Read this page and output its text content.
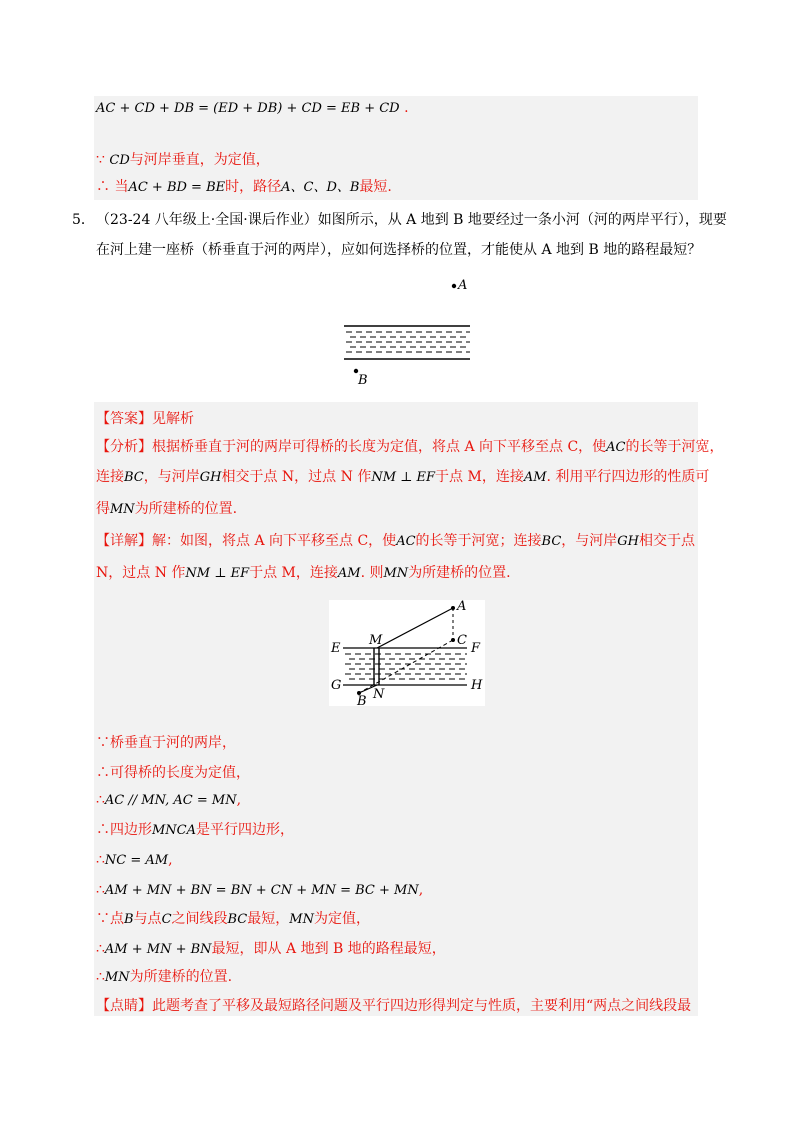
AC + CD + DB = (ED + DB) + CD = EB + CD .
∵ CD与河岸垂直，为定值，
∴ 当AC + BD = BE时，路径A、C、D、B最短.
5． （23-24 八年级上·全国·课后作业）如图所示，从 A 地到 B 地要经过一条小河（河的两岸平行），现要
在河上建一座桥（桥垂直于河的两岸），应如何选择桥的位置，才能使从 A 地到 B 地的路程最短？
A
B
【答案】见解析
【分析】根据桥垂直于河的两岸可得桥的长度为定值，将点 A 向下平移至点 C，使AC的长等于河宽，
连接BC，与河岸GH相交于点 N，过点 N 作NM ⊥ EF于点 M，连接AM. 利用平行四边形的性质可
得MN为所建桥的位置.
【详解】解：如图，将点 A 向下平移至点 C，使AC的长等于河宽；连接BC，与河岸GH相交于点
N，过点 N 作NM ⊥ EF于点 M，连接AM. 则MN为所建桥的位置.
A
C
M
E	F
G	H
N
B
∵桥垂直于河的两岸，
∴可得桥的长度为定值，
∴AC // MN, AC = MN,
∴四边形MNCA是平行四边形，
∴NC = AM,
∴AM + MN + BN = BN + CN + MN = BC + MN,
∵点B与点C之间线段BC最短，MN为定值，
∴AM + MN + BN最短，即从 A 地到 B 地的路程最短，
∴MN为所建桥的位置.
【点睛】此题考查了平移及最短路径问题及平行四边形得判定与性质，主要利用“两点之间线段最
